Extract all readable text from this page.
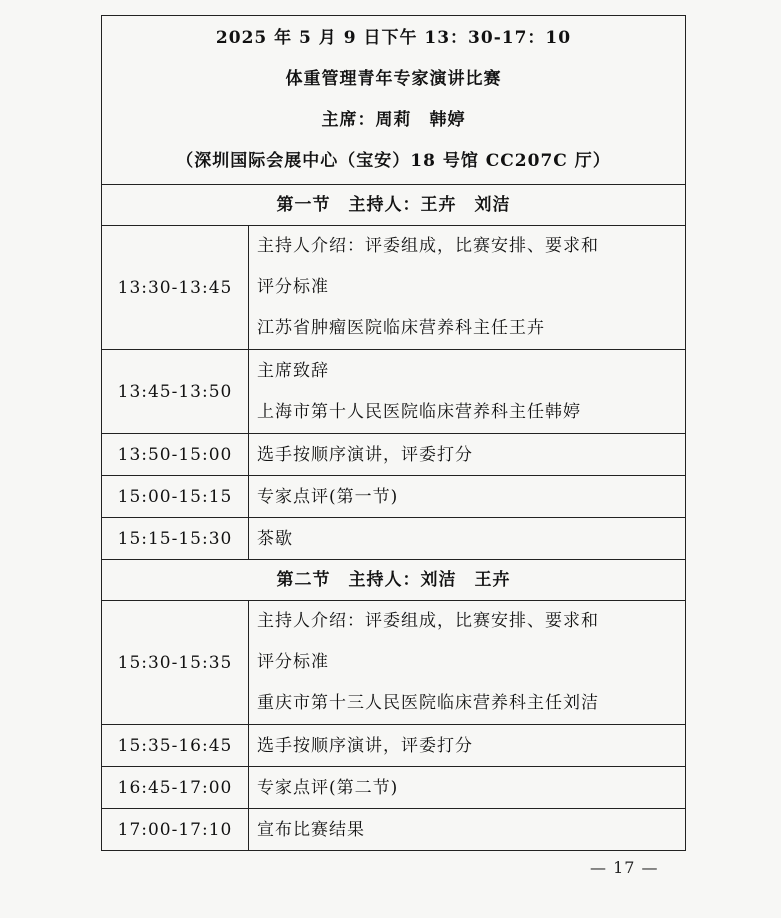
2025 年 5 月 9 日下午 13：30-17：10
体重管理青年专家演讲比赛
主席：周莉　韩婷
（深圳国际会展中心（宝安）18 号馆 CC207C 厅）	

第一节　主持人：王卉　刘洁	
13:30-13:45	主持人介绍：评委组成，比赛安排、要求和
评分标准
江苏省肿瘤医院临床营养科主任王卉

13:45-13:50	主席致辞
上海市第十人民医院临床营养科主任韩婷

13:50-15:00	选手按顺序演讲，评委打分
15:00-15:15	专家点评(第一节)
15:15-15:30	茶歇
第二节　主持人：刘洁　王卉	
15:30-15:35	主持人介绍：评委组成，比赛安排、要求和
评分标准
重庆市第十三人民医院临床营养科主任刘洁

15:35-16:45	选手按顺序演讲，评委打分
16:45-17:00	专家点评(第二节)
17:00-17:10	宣布比赛结果
— 17 —
